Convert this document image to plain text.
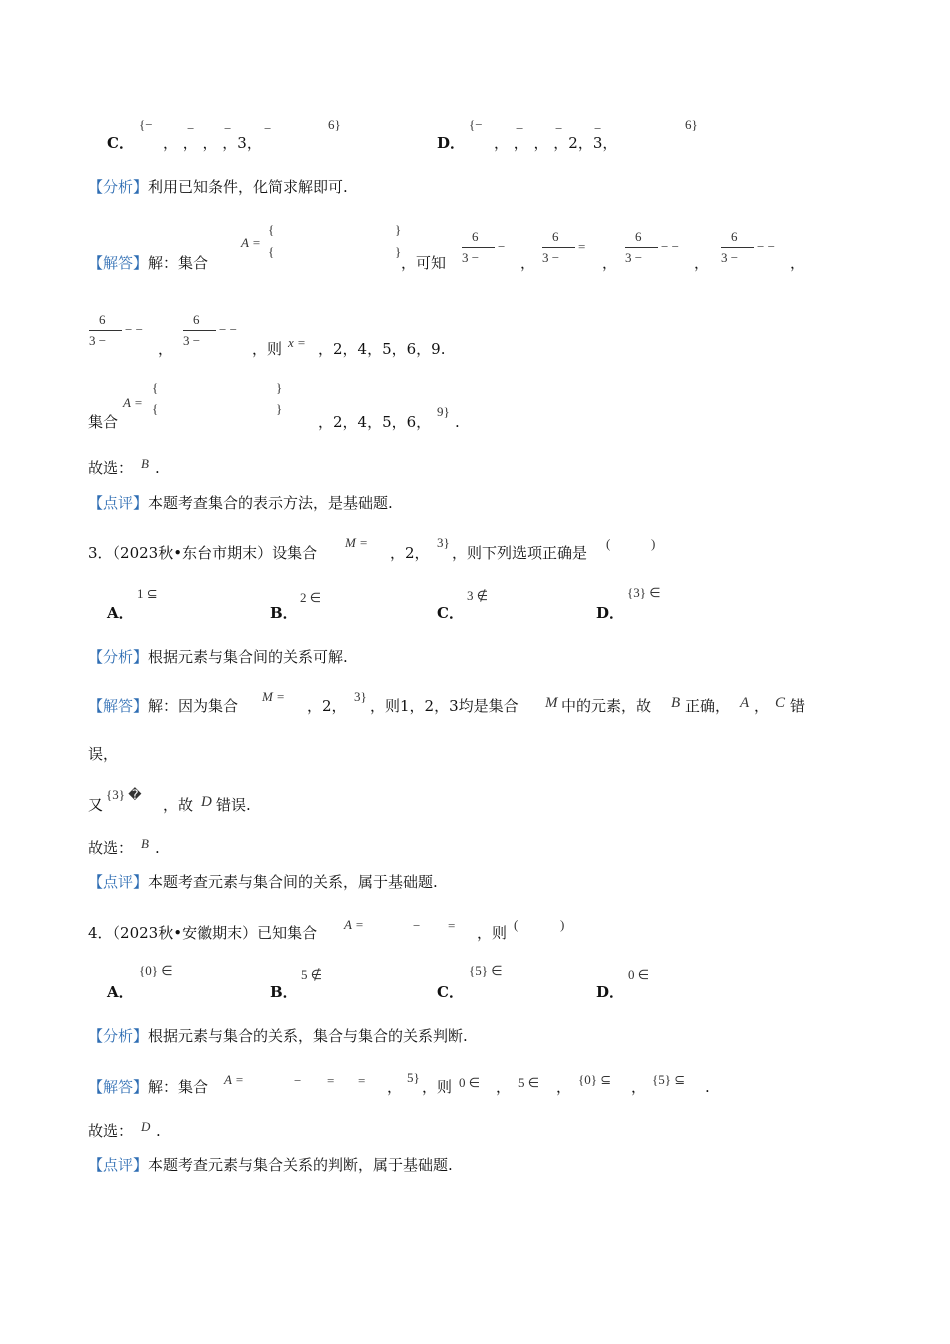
{−	− −	−	6}
C． ， ， ， ，3，
{−	− − −	6}
D． ， ， ， ，2，3，
【分析】利用已知条件，化简求解即可.
【解答】解：集合
A =
{
{
}
}
，可知
6
3 −
−
，
6
3 −
=
，
6
3 −
− −
，
6
3 −
− −
，
6
3 −
− −
，
6
3 −
− −
，则 x = ，2，4，5，6，9.
A =
{
{
}
}
集合	，2，4，5，6，
9}
.
故选： B .
【点评】本题考查集合的表示方法，是基础题.
3．（2023秋•东台市期末）设集合
M =
，2，
3}
，则下列选项正确是
(	)
1 ⊆
A．
2 ∈
B．
3 ∉
C．
{3} ∈
D．
【分析】根据元素与集合间的关系可解.
【解答】解：因为集合
M =
，2，
3}
，则1，2，3均是集合 M 中的元素，故 B 正确， A ， C 错
误，
又
{3} �
，故 D 错误.
故选： B .
【点评】本题考查元素与集合间的关系，属于基础题.
4．（2023秋•安徽期末）已知集合 A =	− = ，则 (	)
{0} ∈
A．
5 ∉
B．
{5} ∈
C．
0 ∈
D．
【分析】根据元素与集合的关系，集合与集合的关系判断.
【解答】解：集合 A =	− = = ，
5}
，则 0 ∈ ， 5 ∈ ， {0} ⊆ ， {5} ⊆ .
故选： D .
【点评】本题考查元素与集合关系的判断，属于基础题.
